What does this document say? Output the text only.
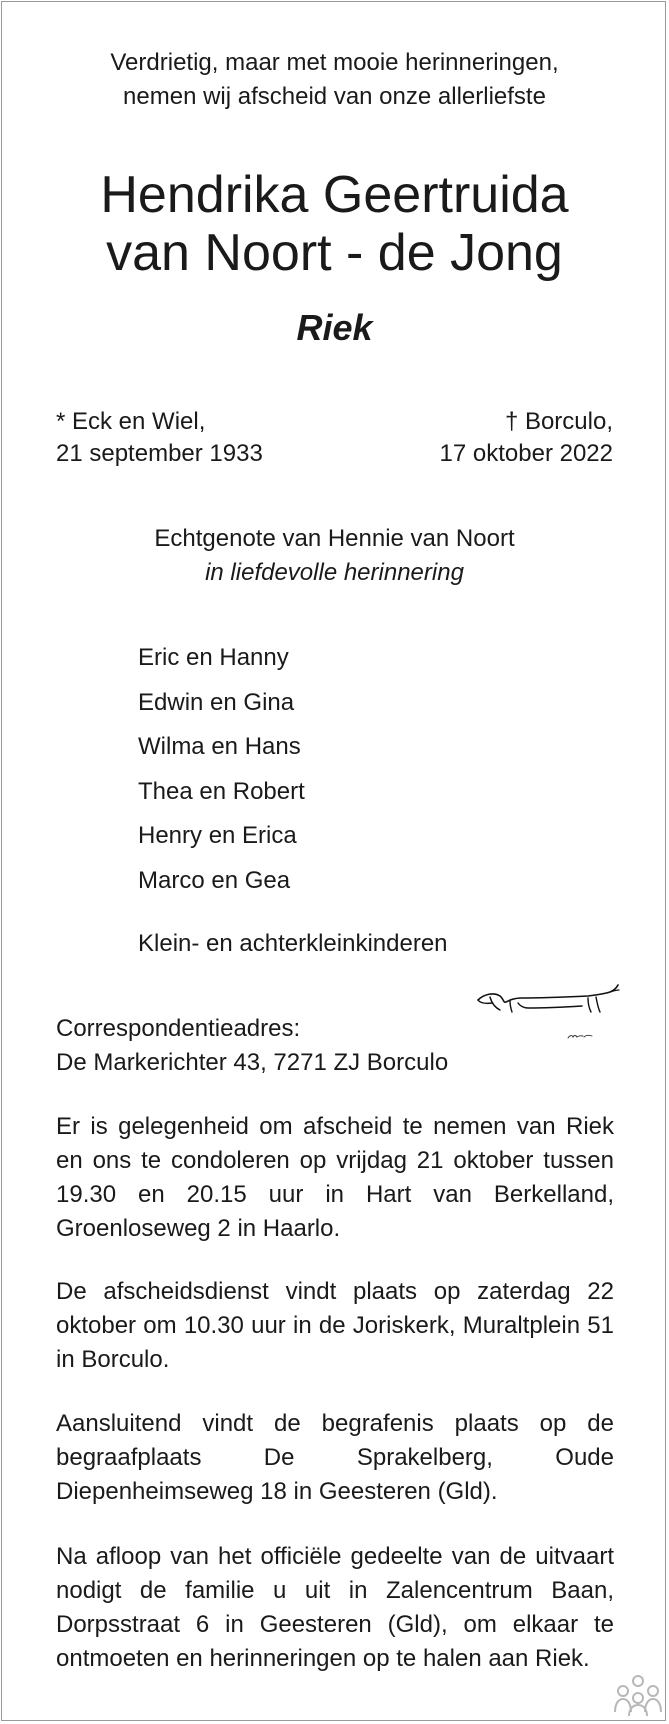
Verdrietig, maar met mooie herinneringen,
nemen wij afscheid van onze allerliefste
Hendrika Geertruida
van Noort - de Jong
Riek
* Eck en Wiel,
21 september 1933
† Borculo,
17 oktober 2022
Echtgenote van Hennie van Noort
in liefdevolle herinnering
Eric en Hanny
Edwin en Gina
Wilma en Hans
Thea en Robert
Henry en Erica
Marco en Gea
Klein- en achterkleinkinderen
Correspondentieadres:
De Markerichter 43, 7271 ZJ Borculo
Er is gelegenheid om afscheid te nemen van Riek en ons te condoleren op vrijdag 21 oktober tussen 19.30 en 20.15 uur in Hart van Berkelland, Groenloseweg 2 in Haarlo.
De afscheidsdienst vindt plaats op zaterdag 22 oktober om 10.30 uur in de Joriskerk, Muraltplein 51 in Borculo.
Aansluitend vindt de begrafenis plaats op de begraafplaats De Sprakelberg, Oude Diepenheimseweg 18 in Geesteren (Gld).
Na afloop van het officiële gedeelte van de uitvaart nodigt de familie u uit in Zalencentrum Baan, Dorpsstraat 6 in Geesteren (Gld), om elkaar te ontmoeten en herinneringen op te halen aan Riek.
